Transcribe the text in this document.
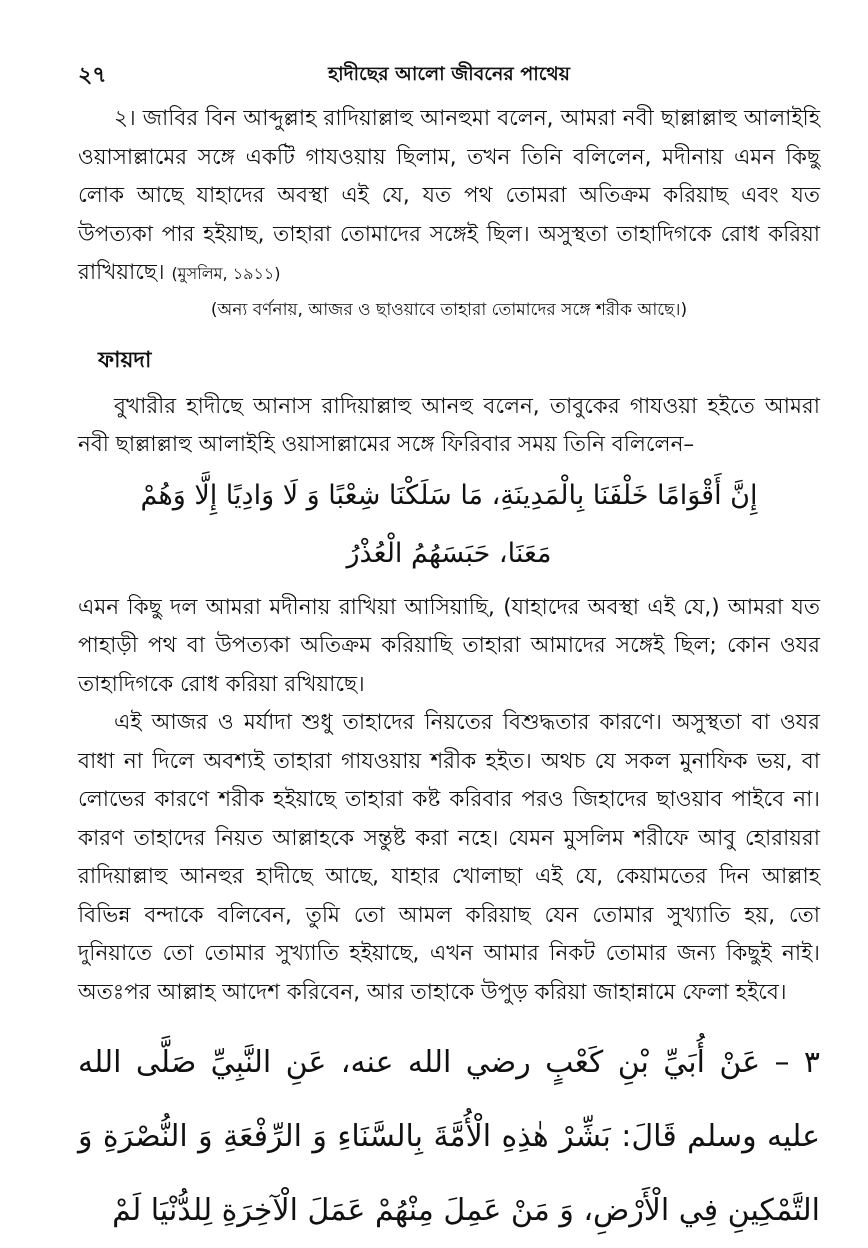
২৭	হাদীছের আলো জীবনের পাথেয়

২। জাবির বিন আব্দুল্লাহ রাদিয়াল্লাহু আনহুমা বলেন, আমরা নবী ছাল্লাল্লাহু আলাইহি ওয়াসাল্লামের সঙ্গে একটি গাযওয়ায় ছিলাম, তখন তিনি বলিলেন, মদীনায় এমন কিছু লোক আছে যাহাদের অবস্থা এই যে, যত পথ তোমরা অতিক্রম করিয়াছ এবং যত উপত্যকা পার হইয়াছ, তাহারা তোমাদের সঙ্গেই ছিল। অসুস্থতা তাহাদিগকে রোধ করিয়া রাখিয়াছে। (মুসলিম, ১৯১১)

(অন্য বর্ণনায়, আজর ও ছাওয়াবে তাহারা তোমাদের সঙ্গে শরীক আছে।)

ফায়দা

বুখারীর হাদীছে আনাস রাদিয়াল্লাহু আনহু বলেন, তাবুকের গাযওয়া হইতে আমরা নবী ছাল্লাল্লাহু আলাইহি ওয়াসাল্লামের সঙ্গে ফিরিবার সময় তিনি বলিলেন–

إِنَّ أَقْوَامًا خَلْفَنَا بِالْمَدِينَةِ، مَا سَلَكْنَا شِعْبًا وَ لَا وَادِيًا إِلَّا وَهُمْ
مَعَنَا، حَبَسَهُمُ الْعُذْرُ

এমন কিছু দল আমরা মদীনায় রাখিয়া আসিয়াছি, (যাহাদের অবস্থা এই যে,) আমরা যত পাহাড়ী পথ বা উপত্যকা অতিক্রম করিয়াছি তাহারা আমাদের সঙ্গেই ছিল; কোন ওযর তাহাদিগকে রোধ করিয়া রখিয়াছে।

এই আজর ও মর্যাদা শুধু তাহাদের নিয়তের বিশুদ্ধতার কারণে। অসুস্থতা বা ওযর বাধা না দিলে অবশ্যই তাহারা গাযওয়ায় শরীক হইত। অথচ যে সকল মুনাফিক ভয়, বা লোভের কারণে শরীক হইয়াছে তাহারা কষ্ট করিবার পরও জিহাদের ছাওয়াব পাইবে না। কারণ তাহাদের নিয়ত আল্লাহকে সন্তুষ্ট করা নহে। যেমন মুসলিম শরীফে আবু হোরায়রা রাদিয়াল্লাহু আনহুর হাদীছে আছে, যাহার খোলাছা এই যে, কেয়ামতের দিন আল্লাহ বিভিন্ন বন্দাকে বলিবেন, তুমি তো আমল করিয়াছ যেন তোমার সুখ্যাতি হয়, তো দুনিয়াতে তো তোমার সুখ্যাতি হইয়াছে, এখন আমার নিকট তোমার জন্য কিছুই নাই। অতঃপর আল্লাহ আদেশ করিবেন, আর তাহাকে উপুড় করিয়া জাহান্নামে ফেলা হইবে।

٣ – عَنْ أُبَيِّ بْنِ كَعْبٍ رضي الله عنه، عَنِ النَّبِيِّ صَلَّى الله عليه وسلم قَالَ: بَشِّرْ هٰذِهِ الْأُمَّةَ بِالسَّنَاءِ وَ الرِّفْعَةِ وَ النُّصْرَةِ وَ التَّمْكِينِ فِي الْأَرْضِ، وَ مَنْ عَمِلَ مِنْهُمْ عَمَلَ الْآخِرَةِ لِلدُّنْيَا لَمْ
